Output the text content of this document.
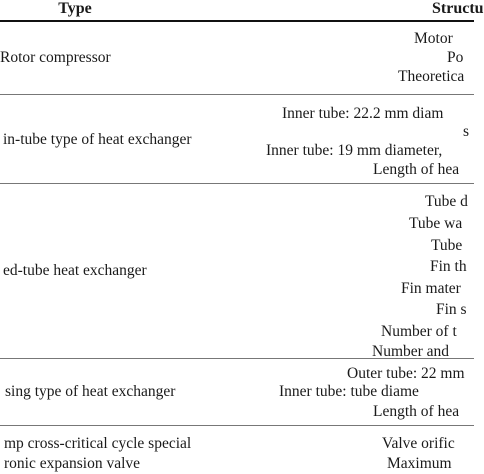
Type	Structu
Rotor compressor
Motor
Po
Theoretica
in-tube type of heat exchanger
Inner tube: 22.2 mm diam
s
Inner tube: 19 mm diameter,
Length of hea
ed-tube heat exchanger
Tube d
Tube wa
Tube
Fin th
Fin mater
Fin s
Number of t
Number and
sing type of heat exchanger
Outer tube: 22 mm
Inner tube: tube diame
Length of hea
mp cross-critical cycle special
ronic expansion valve
Valve orific
Maximum
